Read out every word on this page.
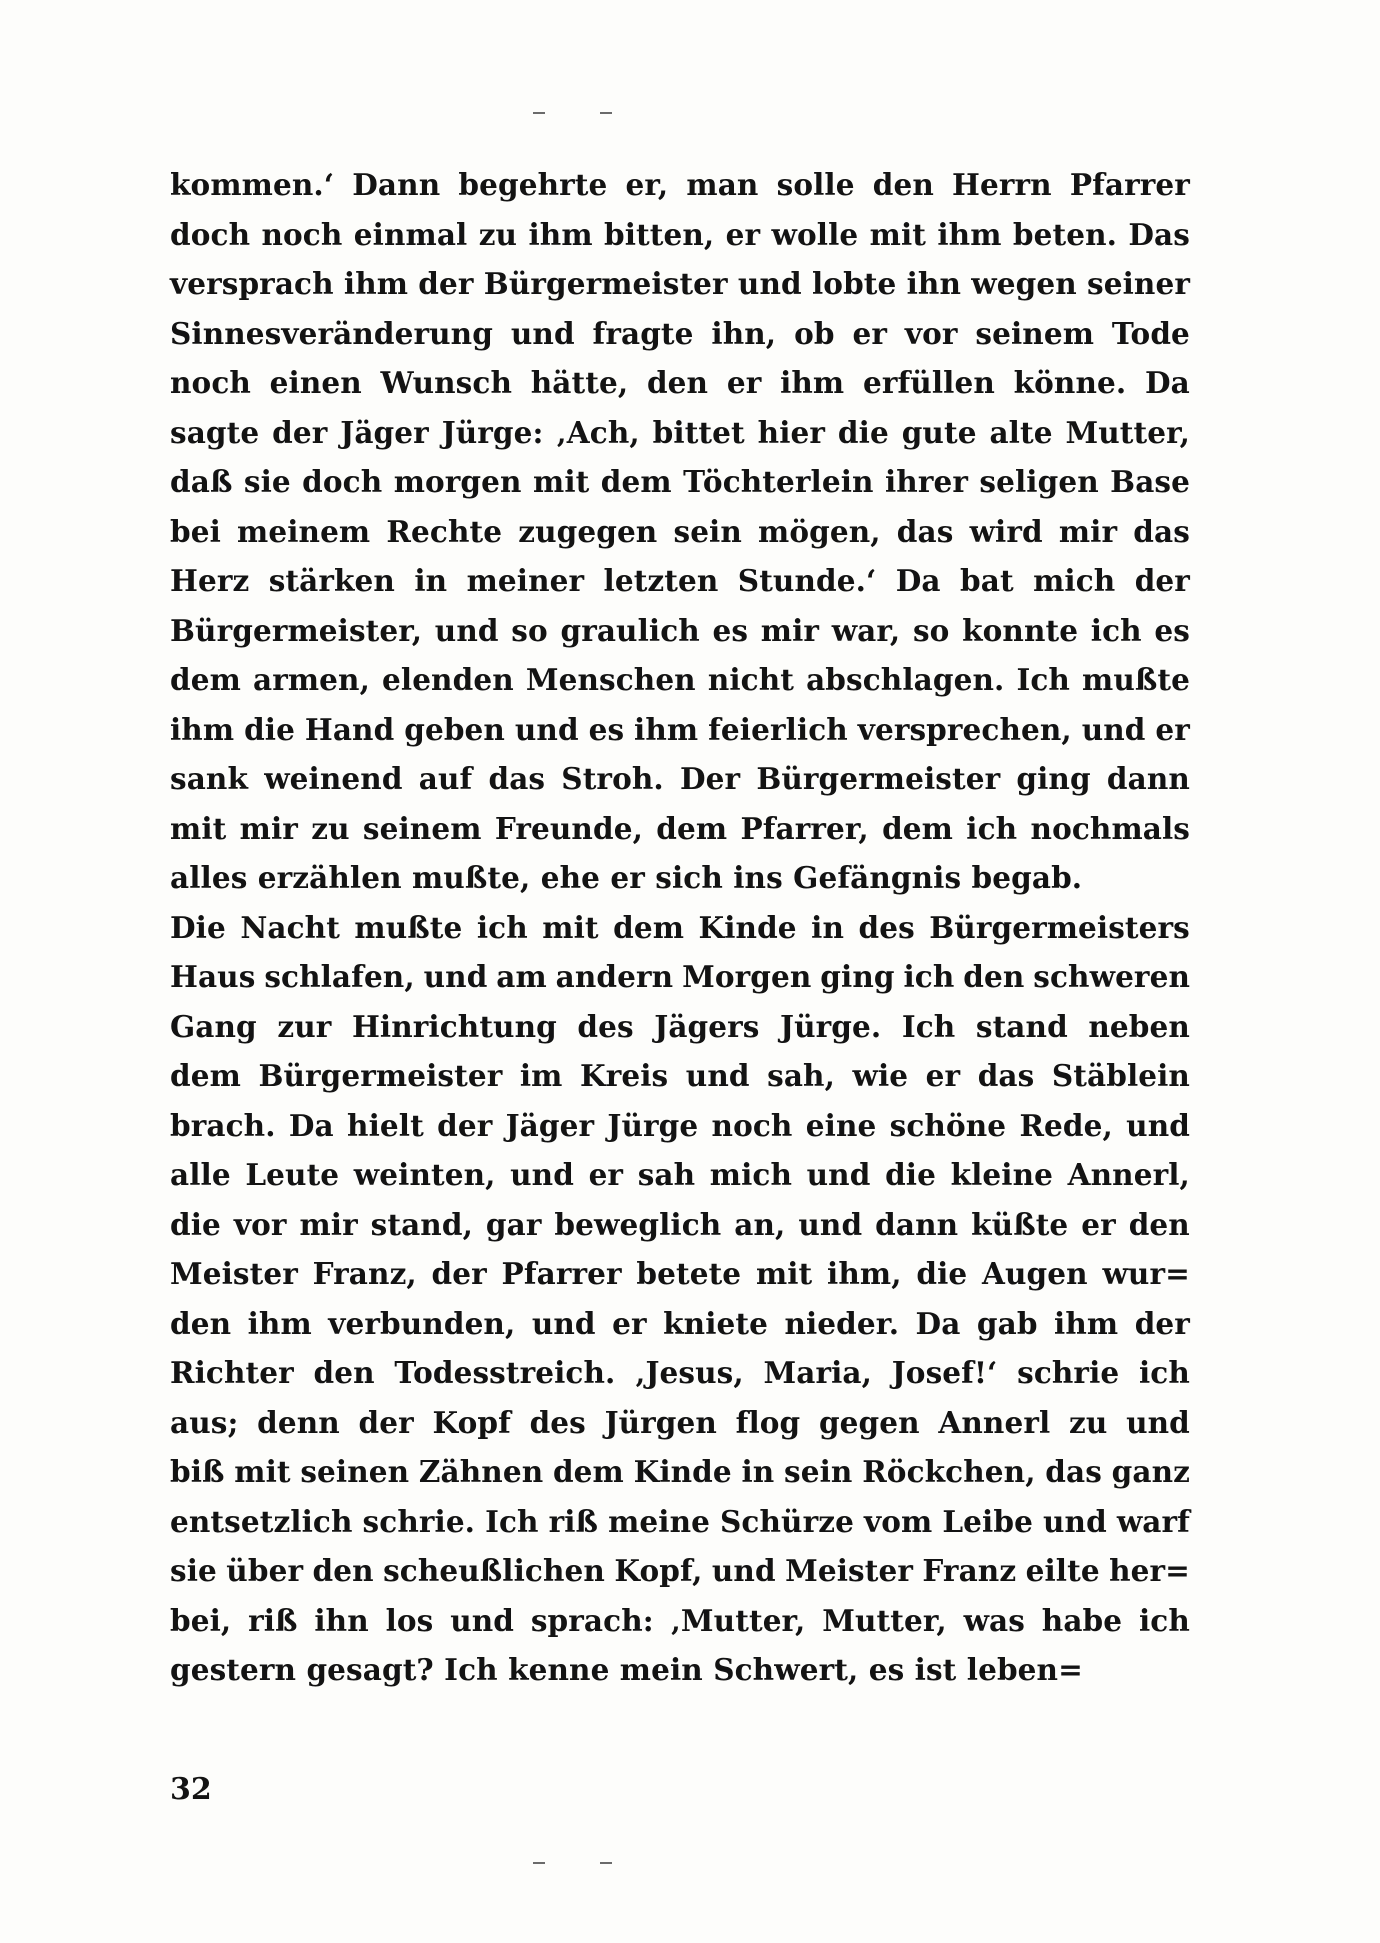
kommen.‘ Dann begehrte er, man solle den Herrn Pfarrer
doch noch einmal zu ihm bitten, er wolle mit ihm beten. Das
versprach ihm der Bürgermeister und lobte ihn wegen seiner
Sinnesveränderung und fragte ihn, ob er vor seinem Tode
noch einen Wunsch hätte, den er ihm erfüllen könne. Da
sagte der Jäger Jürge: ‚Ach, bittet hier die gute alte Mutter,
daß sie doch morgen mit dem Töchterlein ihrer seligen Base
bei meinem Rechte zugegen sein mögen, das wird mir das
Herz stärken in meiner letzten Stunde.‘ Da bat mich der
Bürgermeister, und so graulich es mir war, so konnte ich es
dem armen, elenden Menschen nicht abschlagen. Ich mußte
ihm die Hand geben und es ihm feierlich versprechen, und er
sank weinend auf das Stroh. Der Bürgermeister ging dann
mit mir zu seinem Freunde, dem Pfarrer, dem ich nochmals
alles erzählen mußte, ehe er sich ins Gefängnis begab.

Die Nacht mußte ich mit dem Kinde in des Bürgermeisters
Haus schlafen, und am andern Morgen ging ich den schweren
Gang zur Hinrichtung des Jägers Jürge. Ich stand neben
dem Bürgermeister im Kreis und sah, wie er das Stäblein
brach. Da hielt der Jäger Jürge noch eine schöne Rede, und
alle Leute weinten, und er sah mich und die kleine Annerl,
die vor mir stand, gar beweglich an, und dann küßte er den
Meister Franz, der Pfarrer betete mit ihm, die Augen wur=
den ihm verbunden, und er kniete nieder. Da gab ihm der
Richter den Todesstreich. ‚Jesus, Maria, Josef!‘ schrie ich
aus; denn der Kopf des Jürgen flog gegen Annerl zu und
biß mit seinen Zähnen dem Kinde in sein Röckchen, das ganz
entsetzlich schrie. Ich riß meine Schürze vom Leibe und warf
sie über den scheußlichen Kopf, und Meister Franz eilte her=
bei, riß ihn los und sprach: ‚Mutter, Mutter, was habe ich
gestern gesagt? Ich kenne mein Schwert, es ist leben=

32
